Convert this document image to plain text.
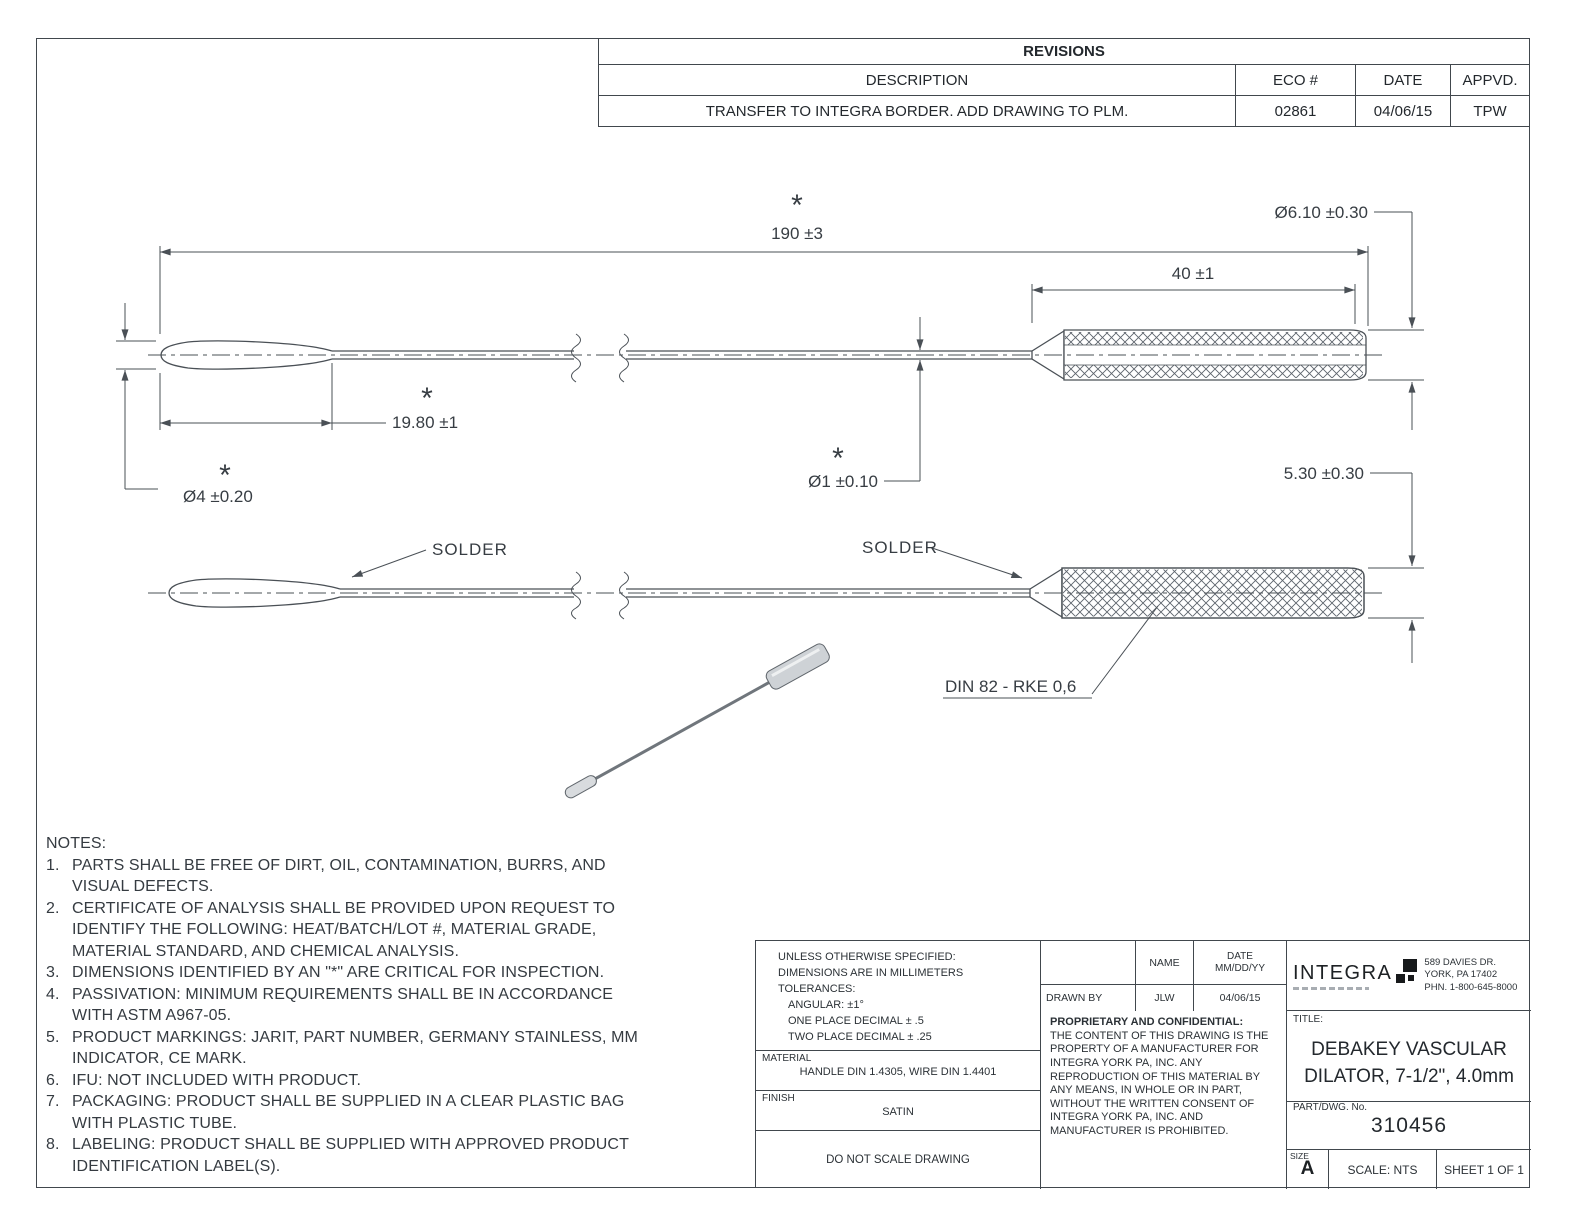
*
190 ±3
Ø6.10 ±0.30
40 ±1
*
19.80 ±1
*
Ø4 ±0.20
*
Ø1 ±0.10	5.30 ±0.30
SOLDER	SOLDER
DIN 82 - RKE 0,6
REVISIONS
DESCRIPTION	ECO #	DATE	APPVD.
TRANSFER TO INTEGRA BORDER. ADD DRAWING TO PLM.	02861	04/06/15	TPW
NOTES:
1. PARTS SHALL BE FREE OF DIRT, OIL, CONTAMINATION, BURRS, AND VISUAL DEFECTS.
2. CERTIFICATE OF ANALYSIS SHALL BE PROVIDED UPON REQUEST TO IDENTIFY THE FOLLOWING: HEAT/BATCH/LOT #, MATERIAL GRADE, MATERIAL STANDARD, AND CHEMICAL ANALYSIS.
3. DIMENSIONS IDENTIFIED BY AN "*" ARE CRITICAL FOR INSPECTION.
4. PASSIVATION: MINIMUM REQUIREMENTS SHALL BE IN ACCORDANCE WITH ASTM A967-05.
5. PRODUCT MARKINGS: JARIT, PART NUMBER, GERMANY STAINLESS, MM INDICATOR, CE MARK.
6. IFU: NOT INCLUDED WITH PRODUCT.
7. PACKAGING: PRODUCT SHALL BE SUPPLIED IN A CLEAR PLASTIC BAG WITH PLASTIC TUBE.
8. LABELING: PRODUCT SHALL BE SUPPLIED WITH APPROVED PRODUCT IDENTIFICATION LABEL(S).
UNLESS OTHERWISE SPECIFIED:
DIMENSIONS ARE IN MILLIMETERS
TOLERANCES:
ANGULAR: ±1°
ONE PLACE DECIMAL ± .5
TWO PLACE DECIMAL ± .25
MATERIAL
HANDLE DIN 1.4305, WIRE DIN 1.4401
FINISH
SATIN
DO NOT SCALE DRAWING
NAME	DATE
MM/DD/YY
DRAWN BY	JLW	04/06/15
PROPRIETARY AND CONFIDENTIAL:
THE CONTENT OF THIS DRAWING IS THE PROPERTY OF A MANUFACTURER FOR INTEGRA YORK PA, INC. ANY REPRODUCTION OF THIS MATERIAL BY ANY MEANS, IN WHOLE OR IN PART, WITHOUT THE WRITTEN CONSENT OF INTEGRA YORK PA, INC. AND MANUFACTURER IS PROHIBITED.
INTEGRA	589 DAVIES DR.
YORK, PA 17402
PHN. 1-800-645-8000
TITLE:
DEBAKEY VASCULAR DILATOR, 7-1/2", 4.0mm
PART/DWG. No.
310456
SIZE
A	SCALE: NTS	SHEET 1 OF 1
